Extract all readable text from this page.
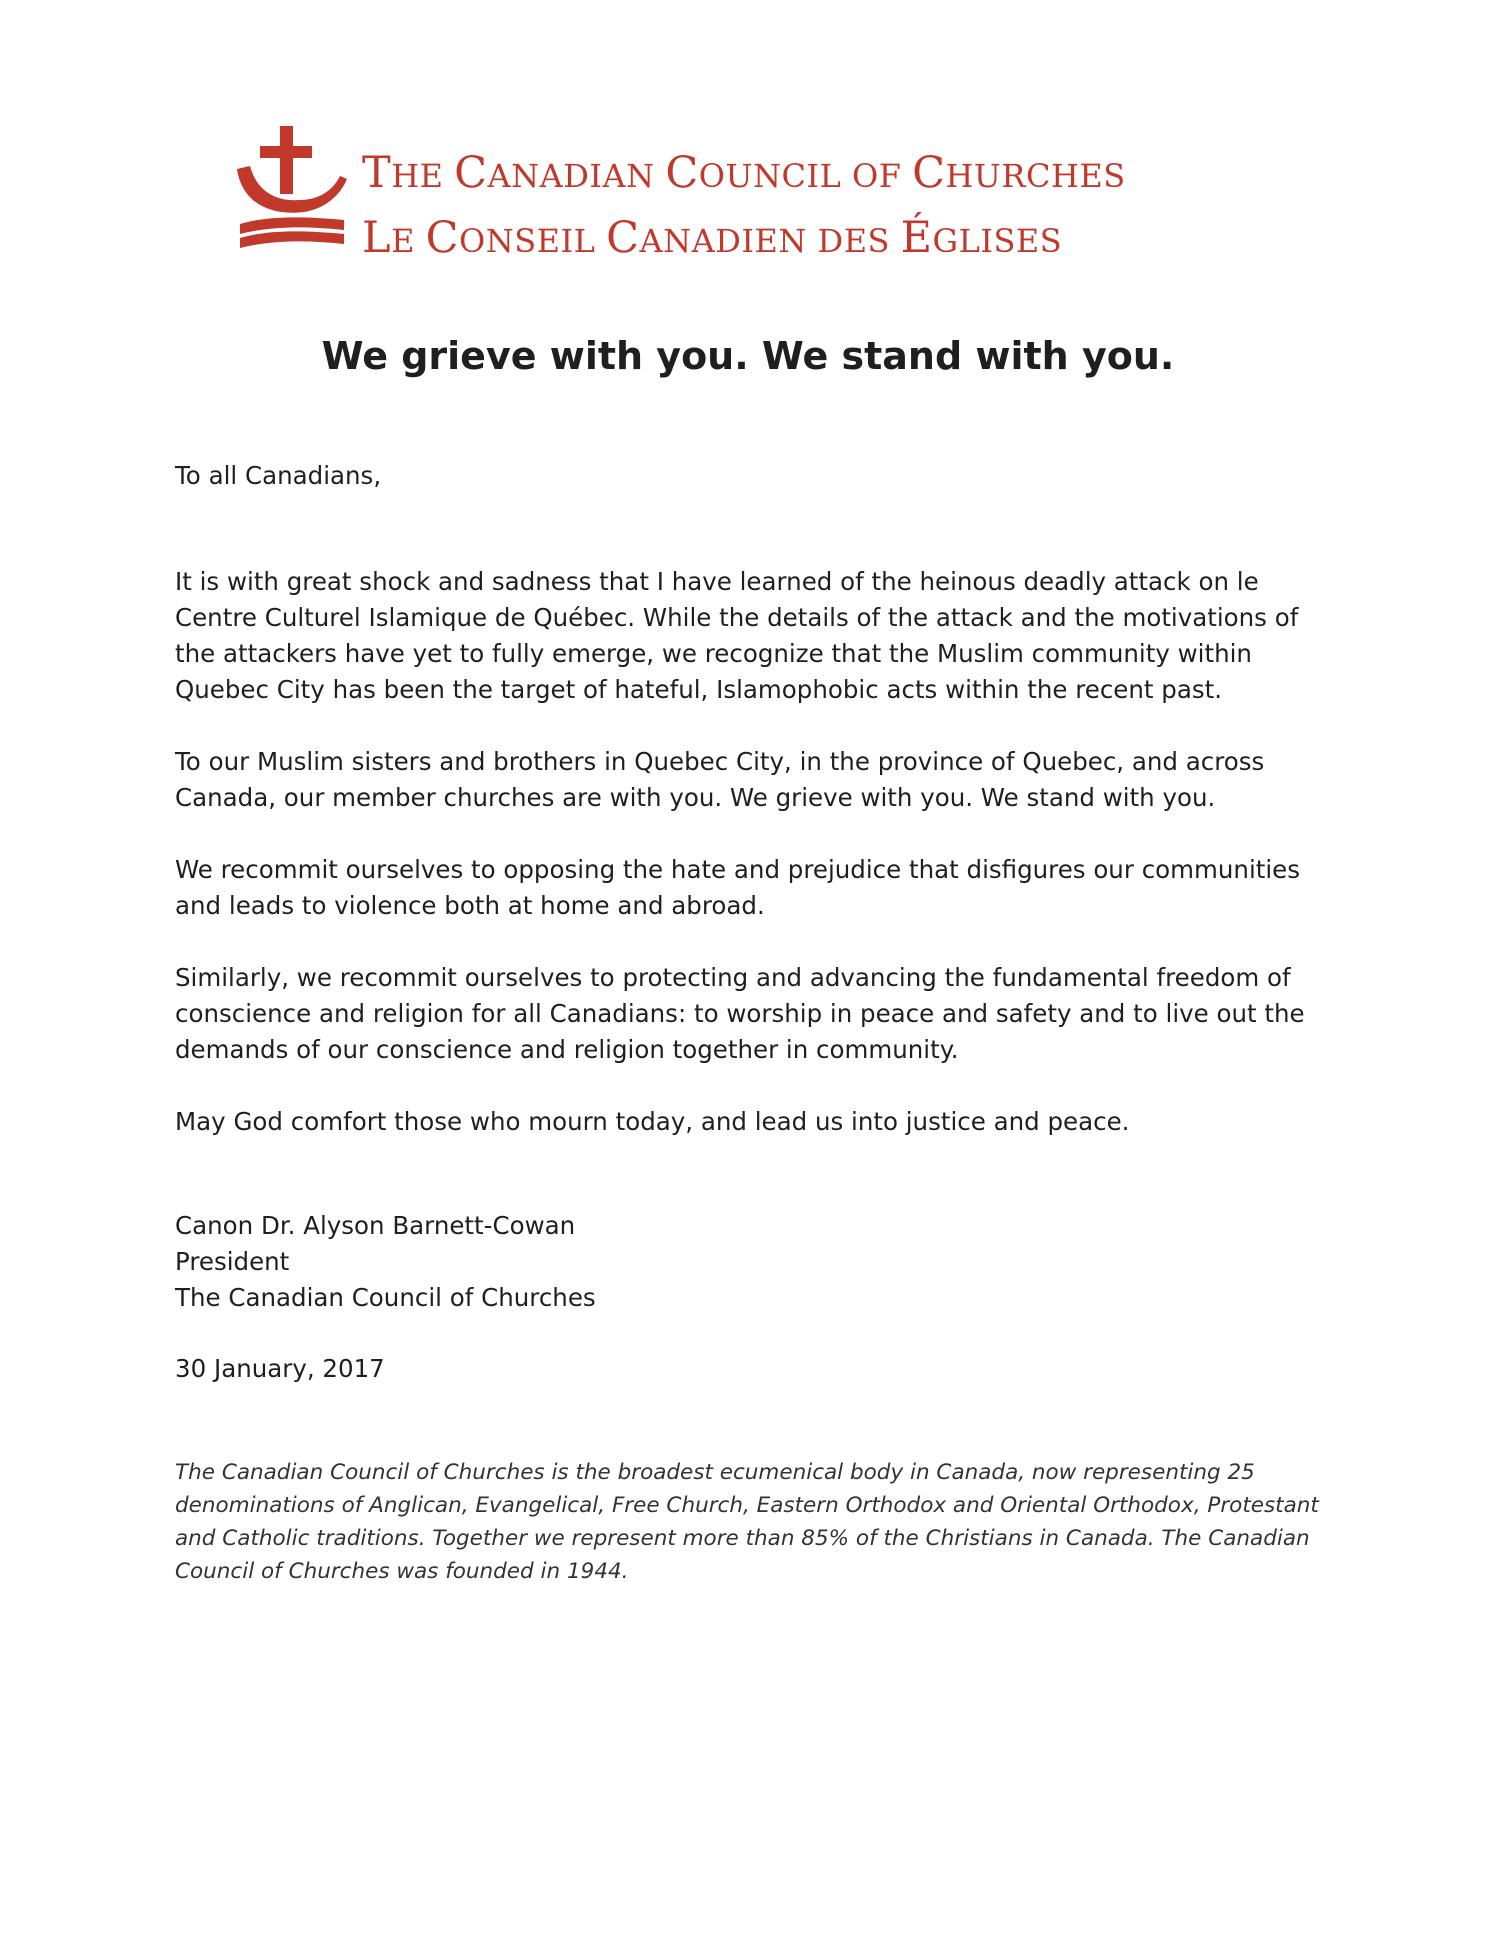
THE CANADIAN COUNCIL OF CHURCHES
LE CONSEIL CANADIEN DES ÉGLISES
We grieve with you. We stand with you.
To all Canadians,

It is with great shock and sadness that I have learned of the heinous deadly attack on le Centre Culturel Islamique de Québec. While the details of the attack and the motivations of the attackers have yet to fully emerge, we recognize that the Muslim community within Quebec City has been the target of hateful, Islamophobic acts within the recent past.

To our Muslim sisters and brothers in Quebec City, in the province of Quebec, and across Canada, our member churches are with you. We grieve with you. We stand with you.

We recommit ourselves to opposing the hate and prejudice that disfigures our communities and leads to violence both at home and abroad.

Similarly, we recommit ourselves to protecting and advancing the fundamental freedom of conscience and religion for all Canadians: to worship in peace and safety and to live out the demands of our conscience and religion together in community.

May God comfort those who mourn today, and lead us into justice and peace.

Canon Dr. Alyson Barnett-Cowan
President
The Canadian Council of Churches
30 January, 2017
The Canadian Council of Churches is the broadest ecumenical body in Canada, now representing 25 denominations of Anglican, Evangelical, Free Church, Eastern Orthodox and Oriental Orthodox, Protestant and Catholic traditions. Together we represent more than 85% of the Christians in Canada. The Canadian Council of Churches was founded in 1944.
